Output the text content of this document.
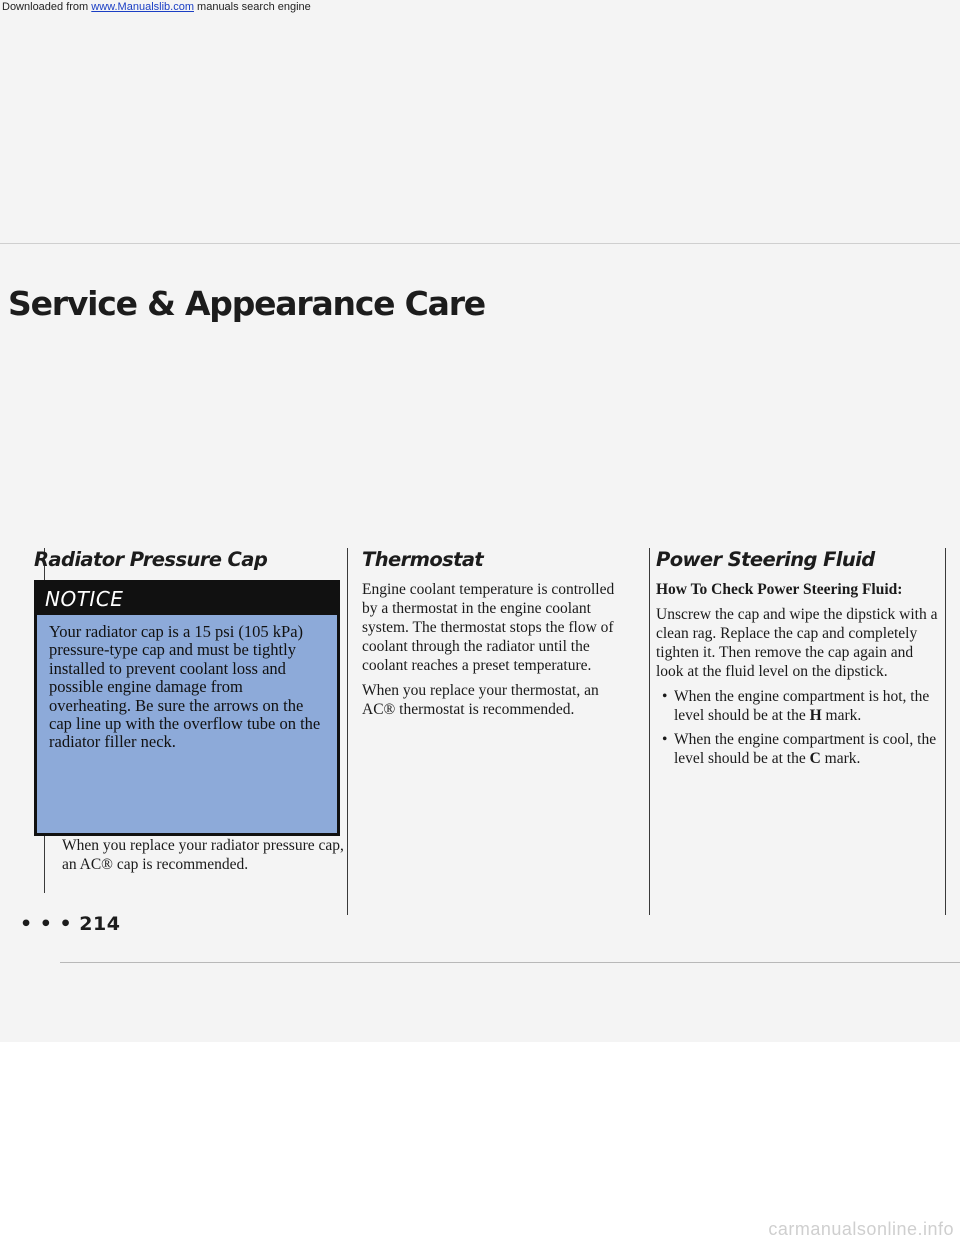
Downloaded from www.Manualslib.com manuals search engine
Service & Appearance Care
Radiator Pressure Cap
NOTICE

Your radiator cap is a 15 psi (105 kPa) pressure-type cap and must be tightly installed to prevent coolant loss and possible engine damage from overheating. Be sure the arrows on the cap line up with the overflow tube on the radiator filler neck.

When you replace your radiator pressure cap, an AC® cap is recommended.

Thermostat

Engine coolant temperature is controlled by a thermostat in the engine coolant system. The thermostat stops the flow of coolant through the radiator until the coolant reaches a preset temperature.

When you replace your thermostat, an AC® thermostat is recommended.

Power Steering Fluid

How To Check Power Steering Fluid:

Unscrew the cap and wipe the dipstick with a clean rag. Replace the cap and completely tighten it. Then remove the cap again and look at the fluid level on the dipstick.

• When the engine compartment is hot, the level should be at the H mark.
• When the engine compartment is cool, the level should be at the C mark.
• • • 214
carmanualsonline.info
